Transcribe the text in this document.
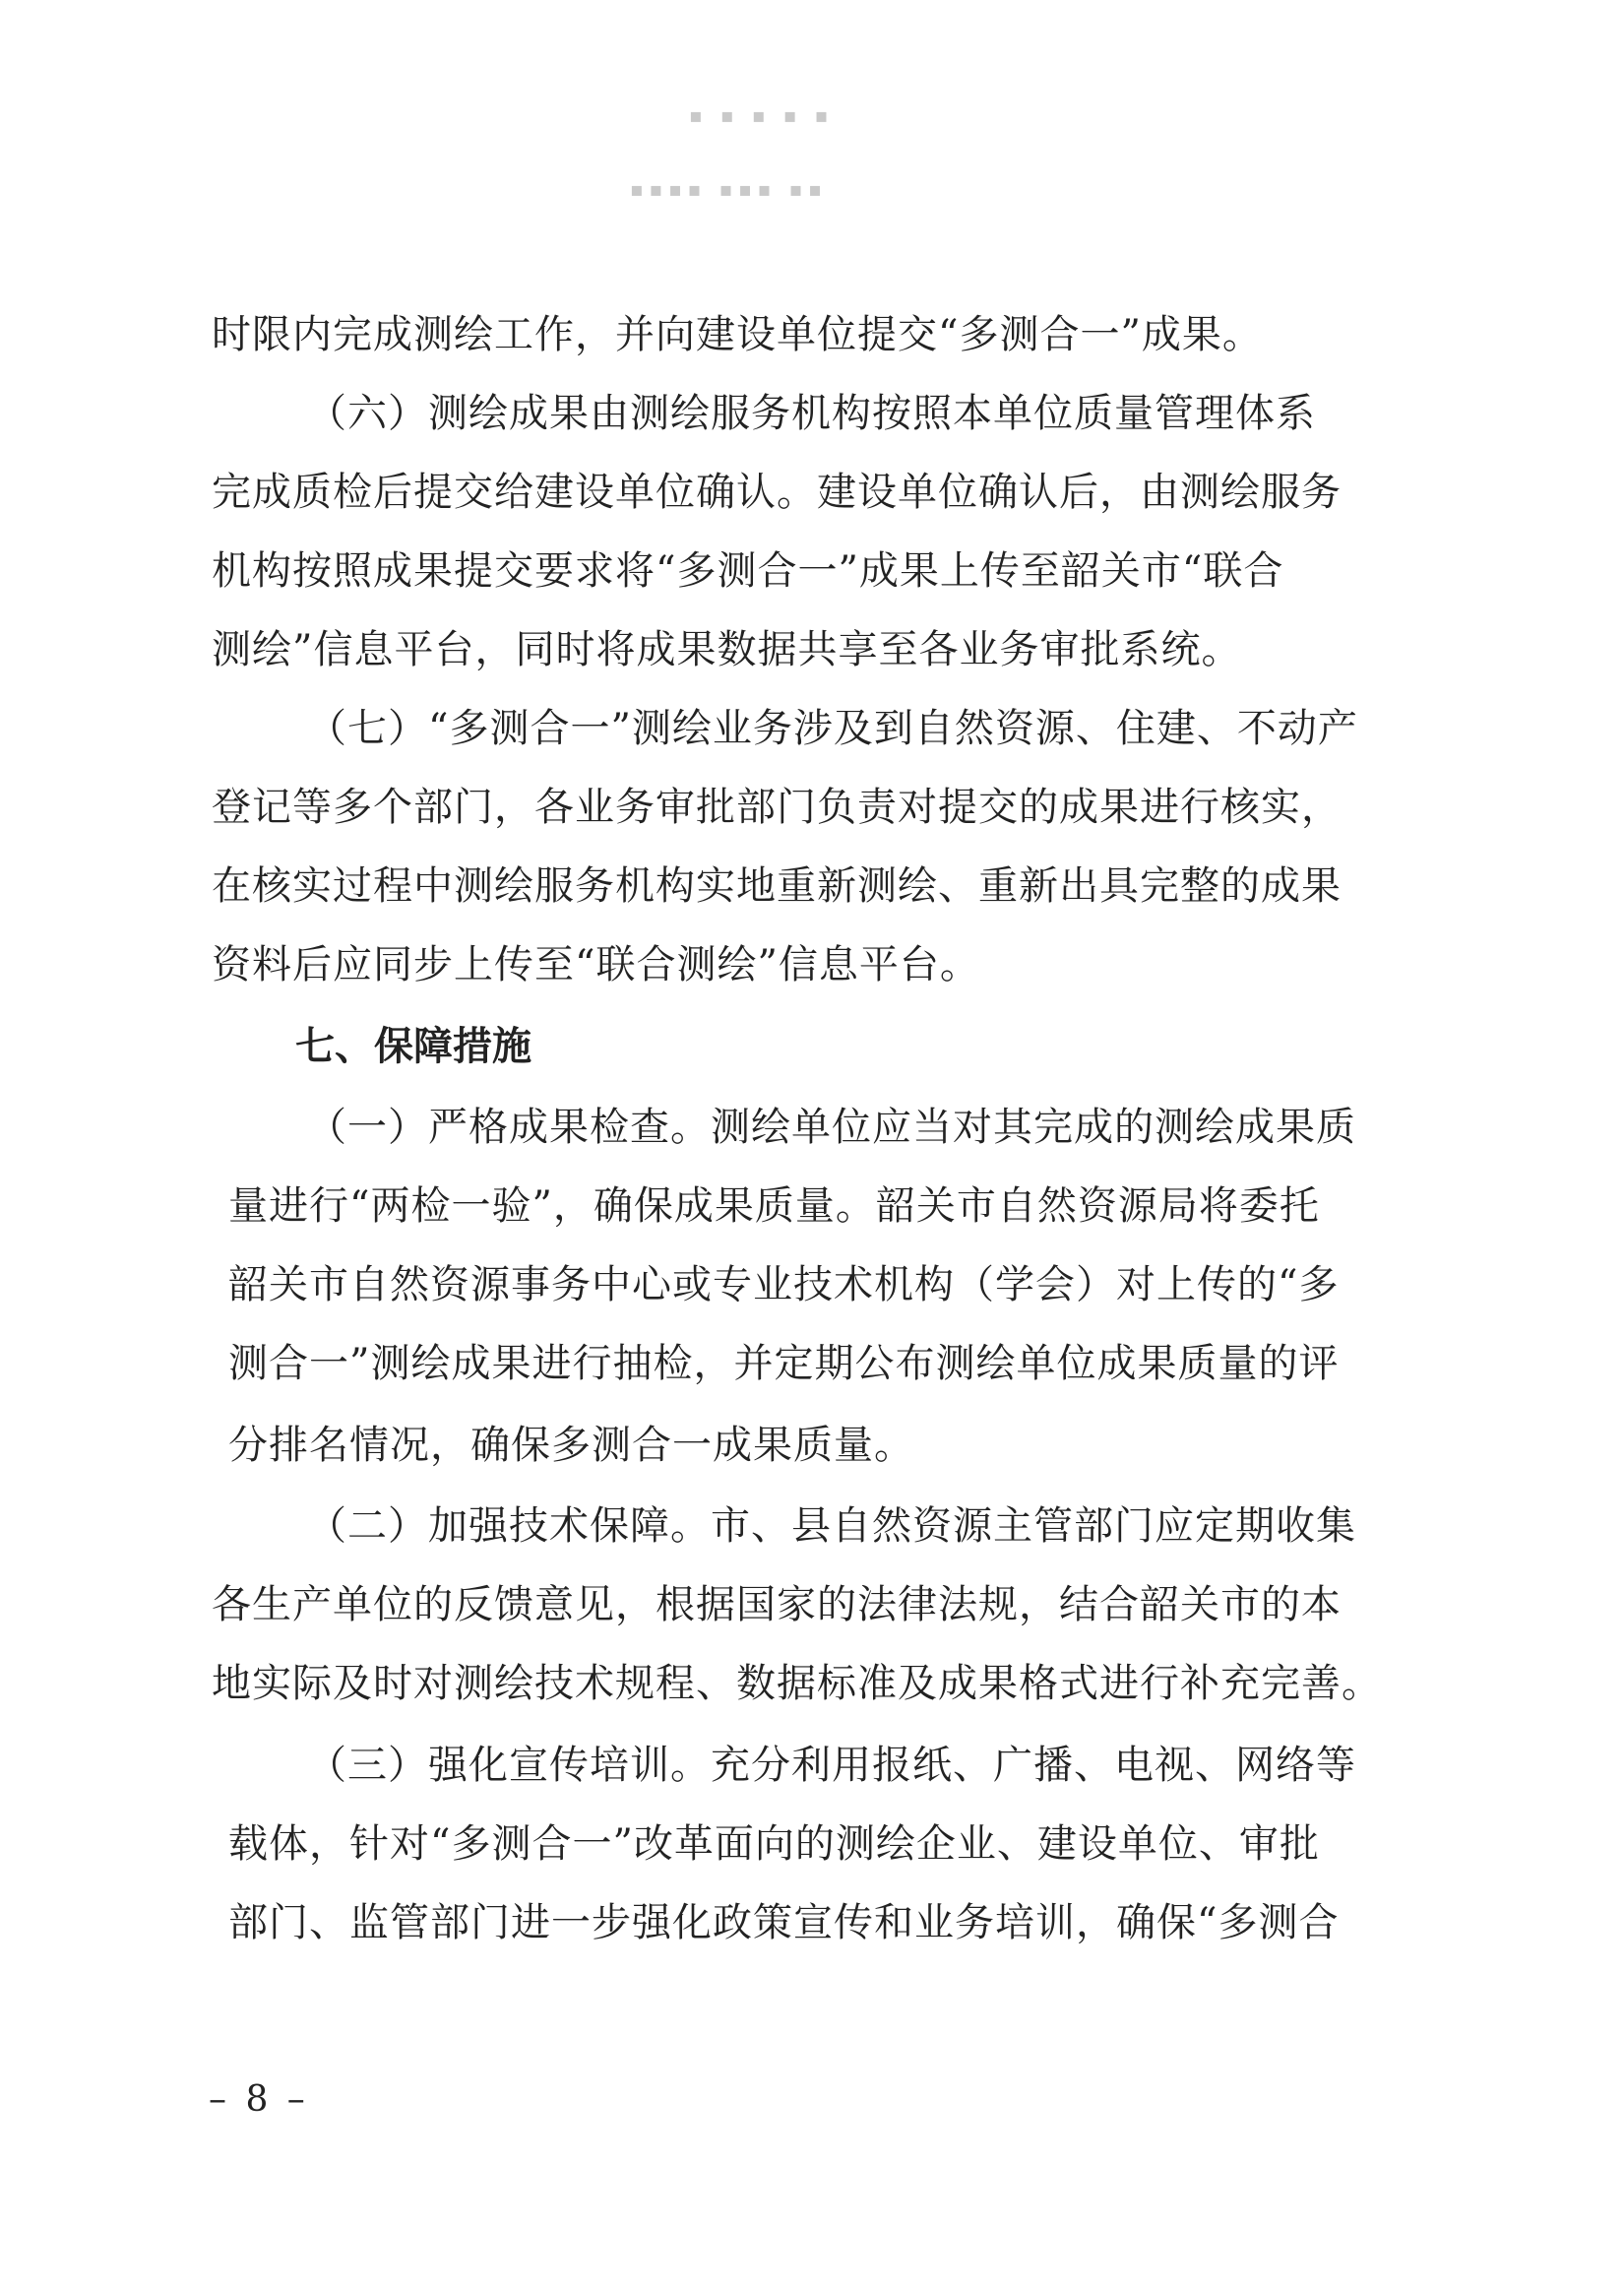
▪ ▪ ▪ ▪ ▪
▪▪▪▪ ▪▪▪ ▪▪
时限内完成测绘工作，并向建设单位提交“多测合一”成果。
（六）测绘成果由测绘服务机构按照本单位质量管理体系
完成质检后提交给建设单位确认。建设单位确认后，由测绘服务
机构按照成果提交要求将“多测合一”成果上传至韶关市“联合
测绘”信息平台，同时将成果数据共享至各业务审批系统。
（七）“多测合一”测绘业务涉及到自然资源、住建、不动产
登记等多个部门，各业务审批部门负责对提交的成果进行核实，
在核实过程中测绘服务机构实地重新测绘、重新出具完整的成果
资料后应同步上传至“联合测绘”信息平台。
七、保障措施
（一）严格成果检查。测绘单位应当对其完成的测绘成果质
量进行“两检一验”，确保成果质量。韶关市自然资源局将委托
韶关市自然资源事务中心或专业技术机构（学会）对上传的“多
测合一”测绘成果进行抽检，并定期公布测绘单位成果质量的评
分排名情况，确保多测合一成果质量。
（二）加强技术保障。市、县自然资源主管部门应定期收集
各生产单位的反馈意见，根据国家的法律法规，结合韶关市的本
地实际及时对测绘技术规程、数据标准及成果格式进行补充完善。
（三）强化宣传培训。充分利用报纸、广播、电视、网络等
载体，针对“多测合一”改革面向的测绘企业、建设单位、审批
部门、监管部门进一步强化政策宣传和业务培训，确保“多测合
– 8 –
